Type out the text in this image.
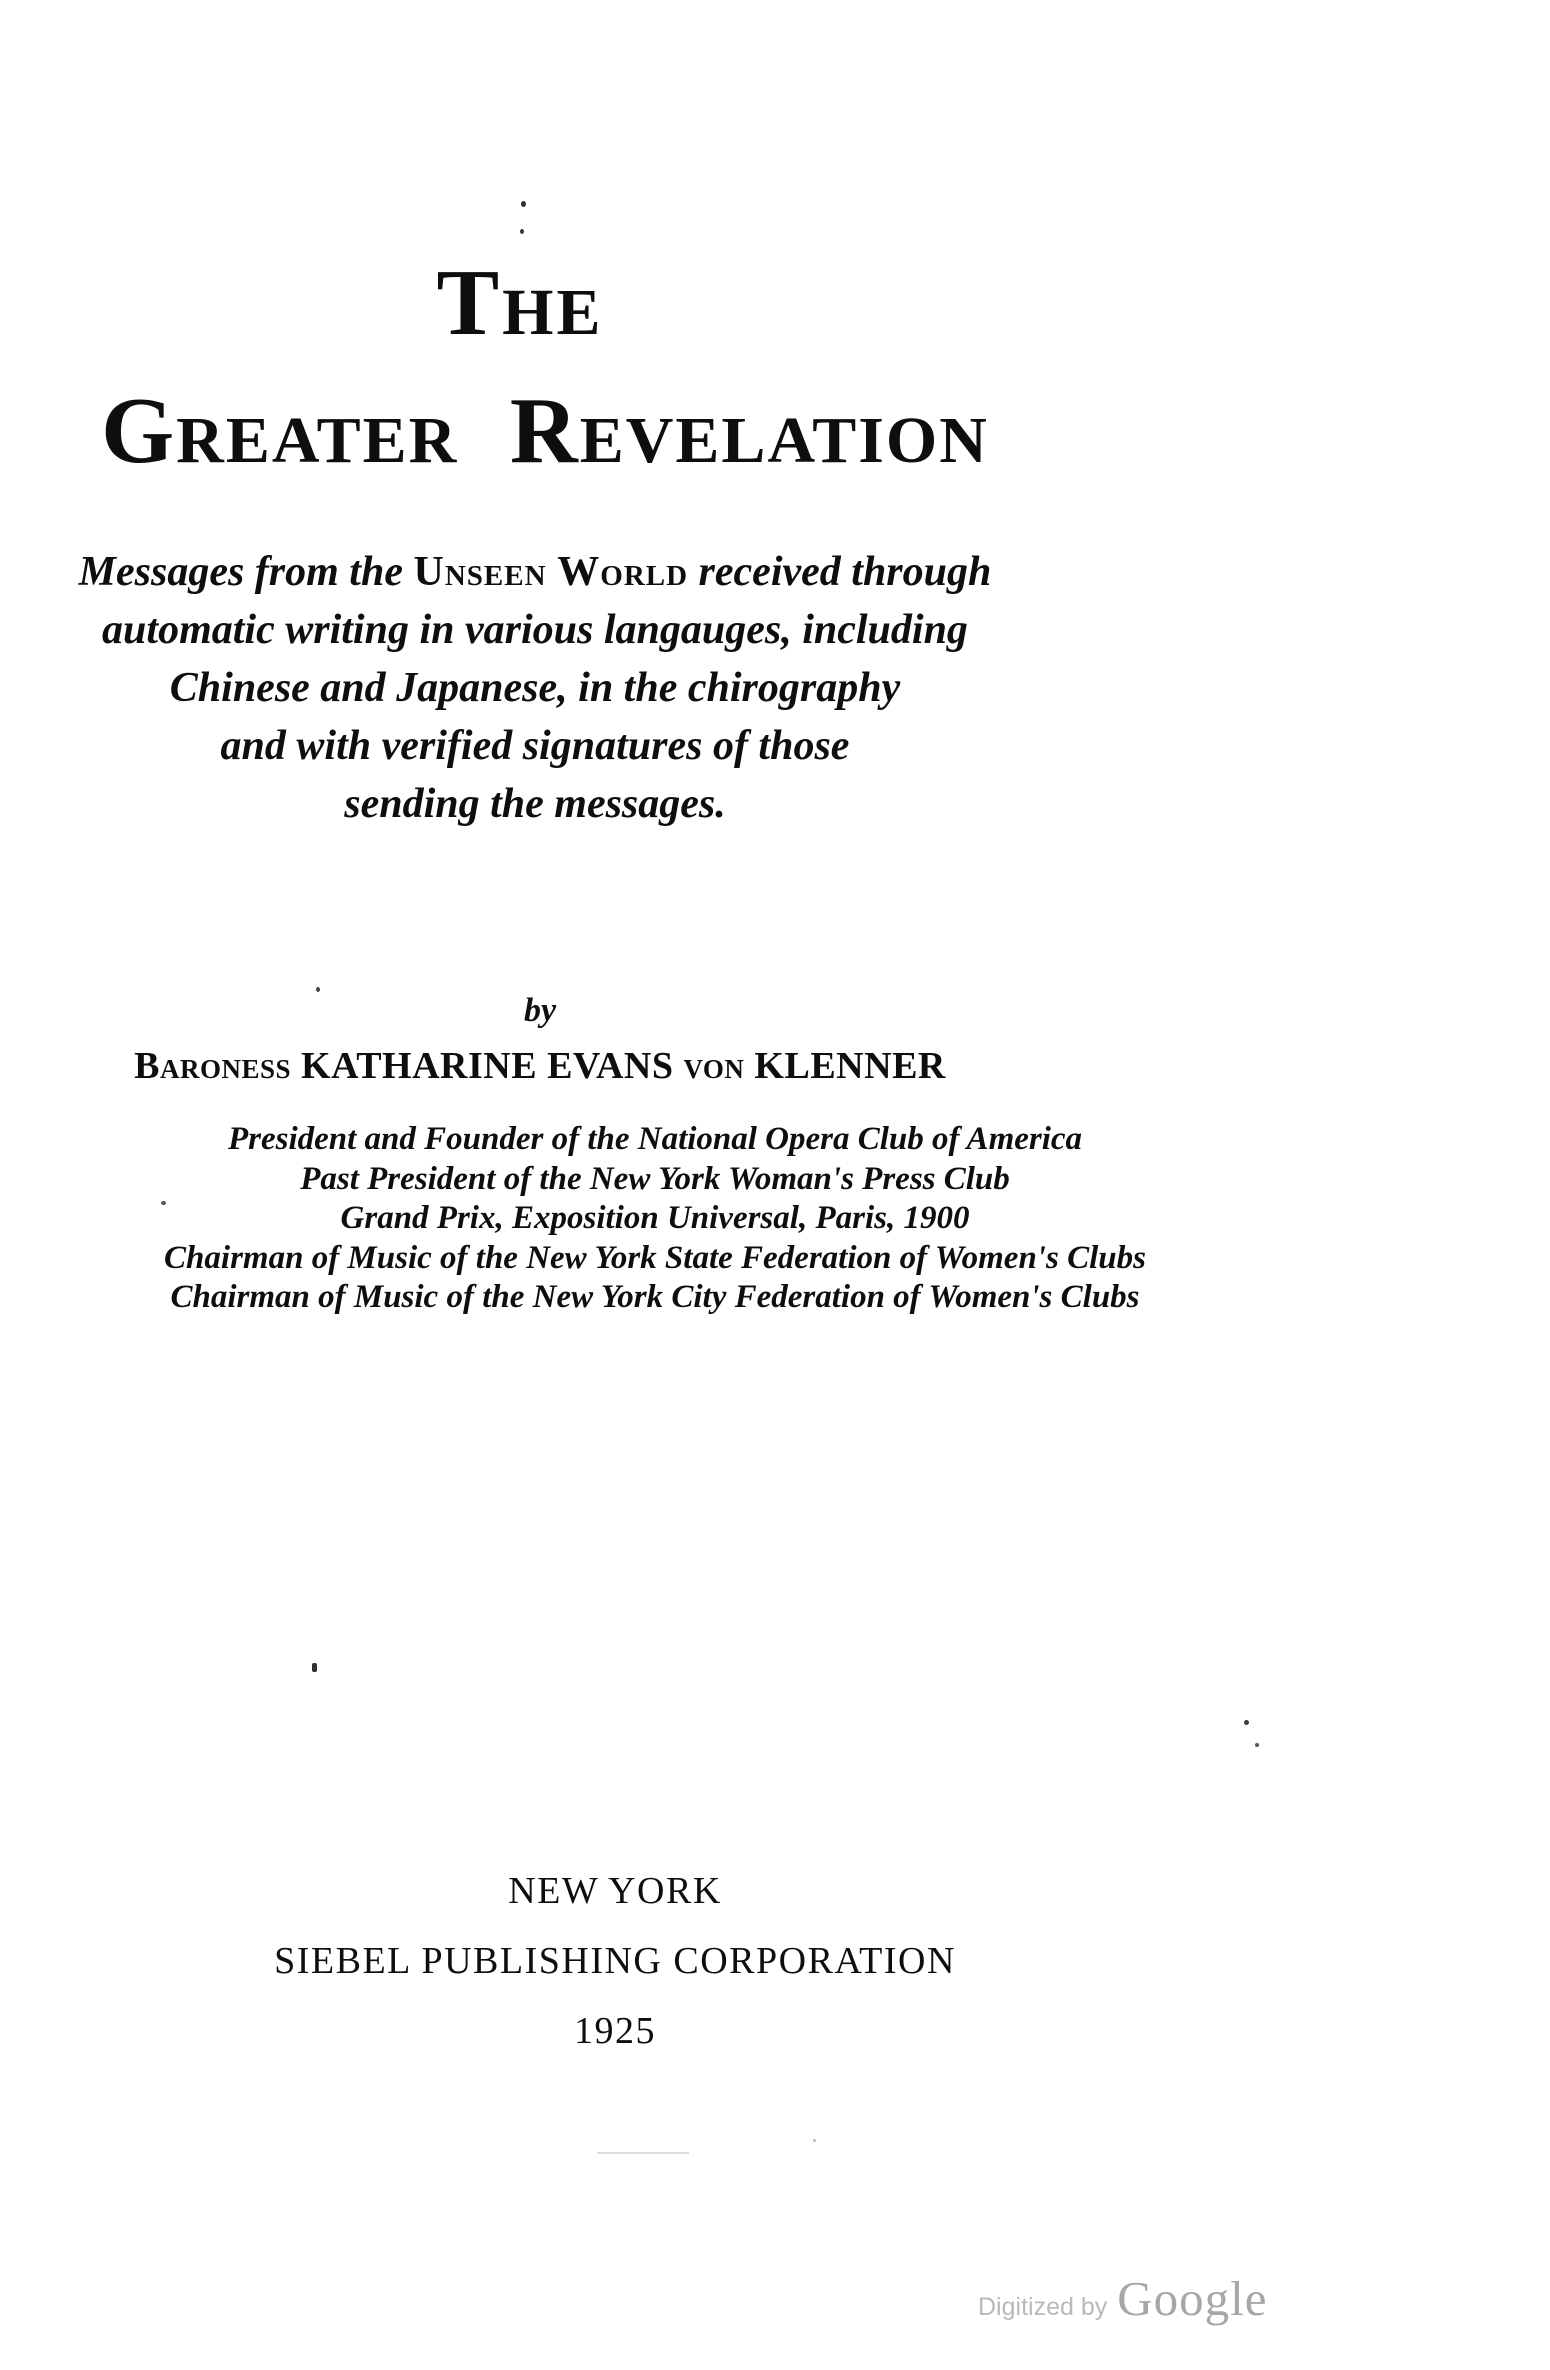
The
Greater Revelation
Messages from the Unseen World received through
automatic writing in various langauges, including
Chinese and Japanese, in the chirography
and with verified signatures of those
sending the messages.
by
Baroness KATHARINE EVANS von KLENNER
President and Founder of the National Opera Club of America
Past President of the New York Woman's Press Club
Grand Prix, Exposition Universal, Paris, 1900
Chairman of Music of the New York State Federation of Women's Clubs
Chairman of Music of the New York City Federation of Women's Clubs
NEW YORK
SIEBEL PUBLISHING CORPORATION
1925
Digitized by Google
